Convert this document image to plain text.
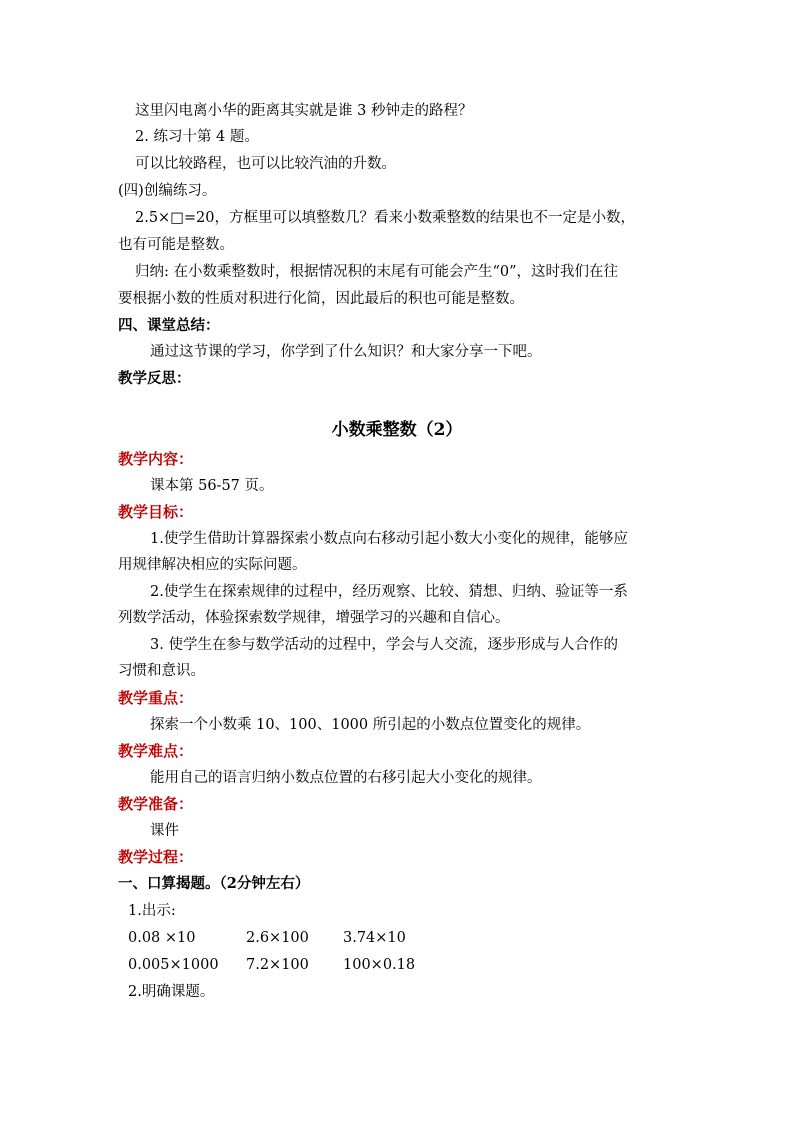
这里闪电离小华的距离其实就是谁 3 秒钟走的路程？
2. 练习十第 4 题。
可以比较路程，也可以比较汽油的升数。
(四)创编练习。
2.5×□=20，方框里可以填整数几？看来小数乘整数的结果也不一定是小数，
也有可能是整数。
归纳: 在小数乘整数时，根据情况积的末尾有可能会产生“0”，这时我们在往
要根据小数的性质对积进行化简，因此最后的积也可能是整数。
四、课堂总结：
通过这节课的学习，你学到了什么知识？和大家分享一下吧。
教学反思：
小数乘整数（2）
教学内容：
课本第 56-57 页。
教学目标：
1.使学生借助计算器探索小数点向右移动引起小数大小变化的规律，能够应
用规律解决相应的实际问题。
2.使学生在探索规律的过程中，经历观察、比较、猜想、归纳、验证等一系
列数学活动，体验探索数学规律，增强学习的兴趣和自信心。
3. 使学生在参与数学活动的过程中，学会与人交流，逐步形成与人合作的
习惯和意识。
教学重点：
探索一个小数乘 10、100、1000 所引起的小数点位置变化的规律。
教学难点：
能用自己的语言归纳小数点位置的右移引起大小变化的规律。
教学准备：
课件
教学过程：
一、口算揭题。（2分钟左右）
1.出示:
0.08 ×10	2.6×100 3.74×10
0.005×1000 7.2×100 100×0.18
2.明确课题。
